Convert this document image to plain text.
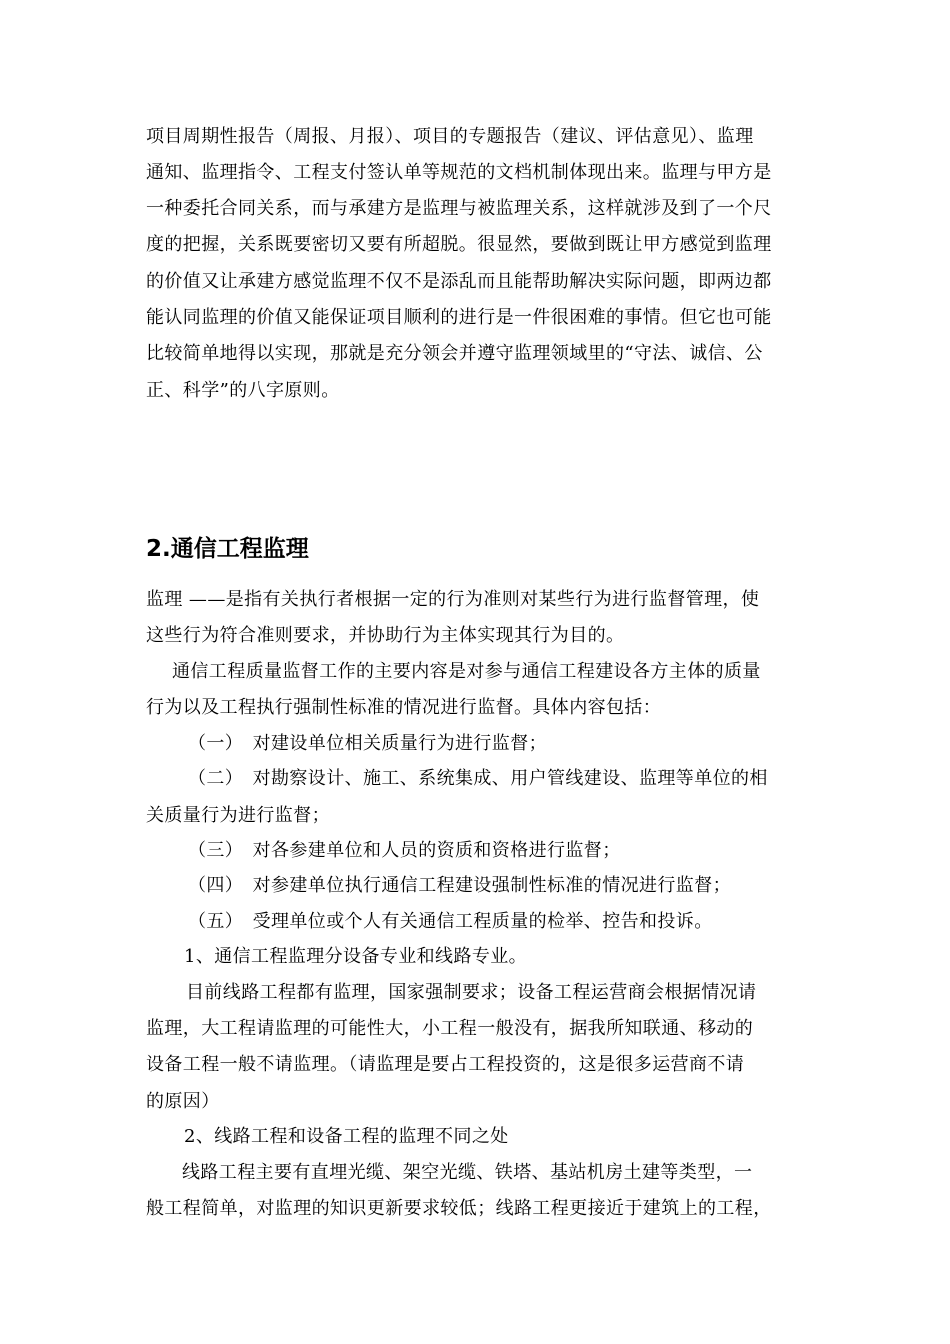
项目周期性报告（周报、月报）、项目的专题报告（建议、评估意见）、监理
通知、监理指令、工程支付签认单等规范的文档机制体现出来。监理与甲方是
一种委托合同关系，而与承建方是监理与被监理关系，这样就涉及到了一个尺
度的把握，关系既要密切又要有所超脱。很显然，要做到既让甲方感觉到监理
的价值又让承建方感觉监理不仅不是添乱而且能帮助解决实际问题，即两边都
能认同监理的价值又能保证项目顺利的进行是一件很困难的事情。但它也可能
比较简单地得以实现，那就是充分领会并遵守监理领域里的“守法、诚信、公
正、科学”的八字原则。
2.通信工程监理
监理 ——是指有关执行者根据一定的行为准则对某些行为进行监督管理，使
这些行为符合准则要求，并协助行为主体实现其行为目的。
通信工程质量监督工作的主要内容是对参与通信工程建设各方主体的质量
行为以及工程执行强制性标准的情况进行监督。具体内容包括：
（一）　对建设单位相关质量行为进行监督；
（二）　对勘察设计、施工、系统集成、用户管线建设、监理等单位的相
关质量行为进行监督；
（三）　对各参建单位和人员的资质和资格进行监督；
（四）　对参建单位执行通信工程建设强制性标准的情况进行监督；
（五）　受理单位或个人有关通信工程质量的检举、控告和投诉。
1、通信工程监理分设备专业和线路专业。
目前线路工程都有监理，国家强制要求；设备工程运营商会根据情况请
监理，大工程请监理的可能性大，小工程一般没有，据我所知联通、移动的
设备工程一般不请监理。（请监理是要占工程投资的，这是很多运营商不请
的原因）
2、线路工程和设备工程的监理不同之处
线路工程主要有直埋光缆、架空光缆、铁塔、基站机房土建等类型，一
般工程简单，对监理的知识更新要求较低；线路工程更接近于建筑上的工程，
